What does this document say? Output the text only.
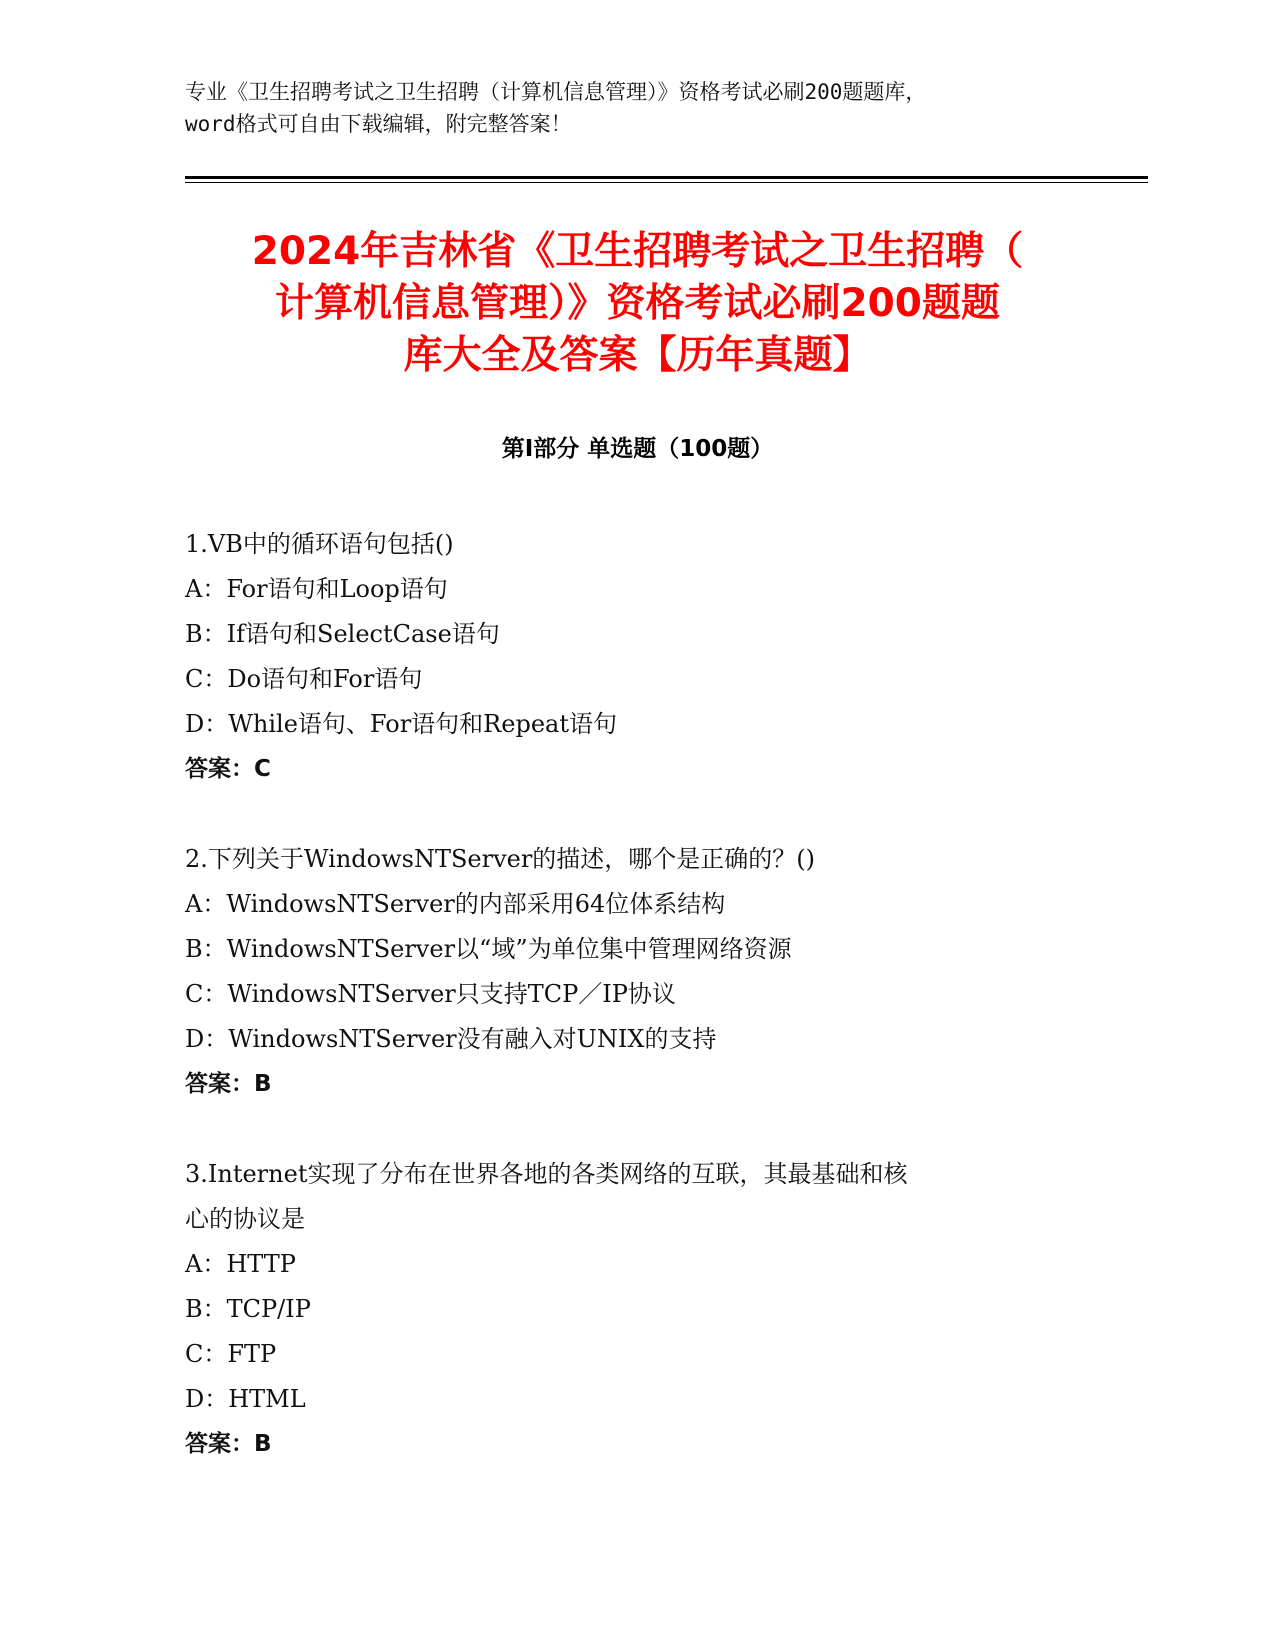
专业《卫生招聘考试之卫生招聘（计算机信息管理）》资格考试必刷200题题库，
word格式可自由下载编辑，附完整答案！
2024年吉林省《卫生招聘考试之卫生招聘（
计算机信息管理）》资格考试必刷200题题
库大全及答案【历年真题】
第Ⅰ部分 单选题（100题）
1.VB中的循环语句包括()
A：For语句和Loop语句
B：If语句和SelectCase语句
C：Do语句和For语句
D：While语句、For语句和Repeat语句
答案：C
2.下列关于WindowsNTServer的描述，哪个是正确的？()
A：WindowsNTServer的内部采用64位体系结构
B：WindowsNTServer以“域”为单位集中管理网络资源
C：WindowsNTServer只支持TCP／IP协议
D：WindowsNTServer没有融入对UNIX的支持
答案：B
3.Internet实现了分布在世界各地的各类网络的互联，其最基础和核
心的协议是
A：HTTP
B：TCP/IP
C：FTP
D：HTML
答案：B
